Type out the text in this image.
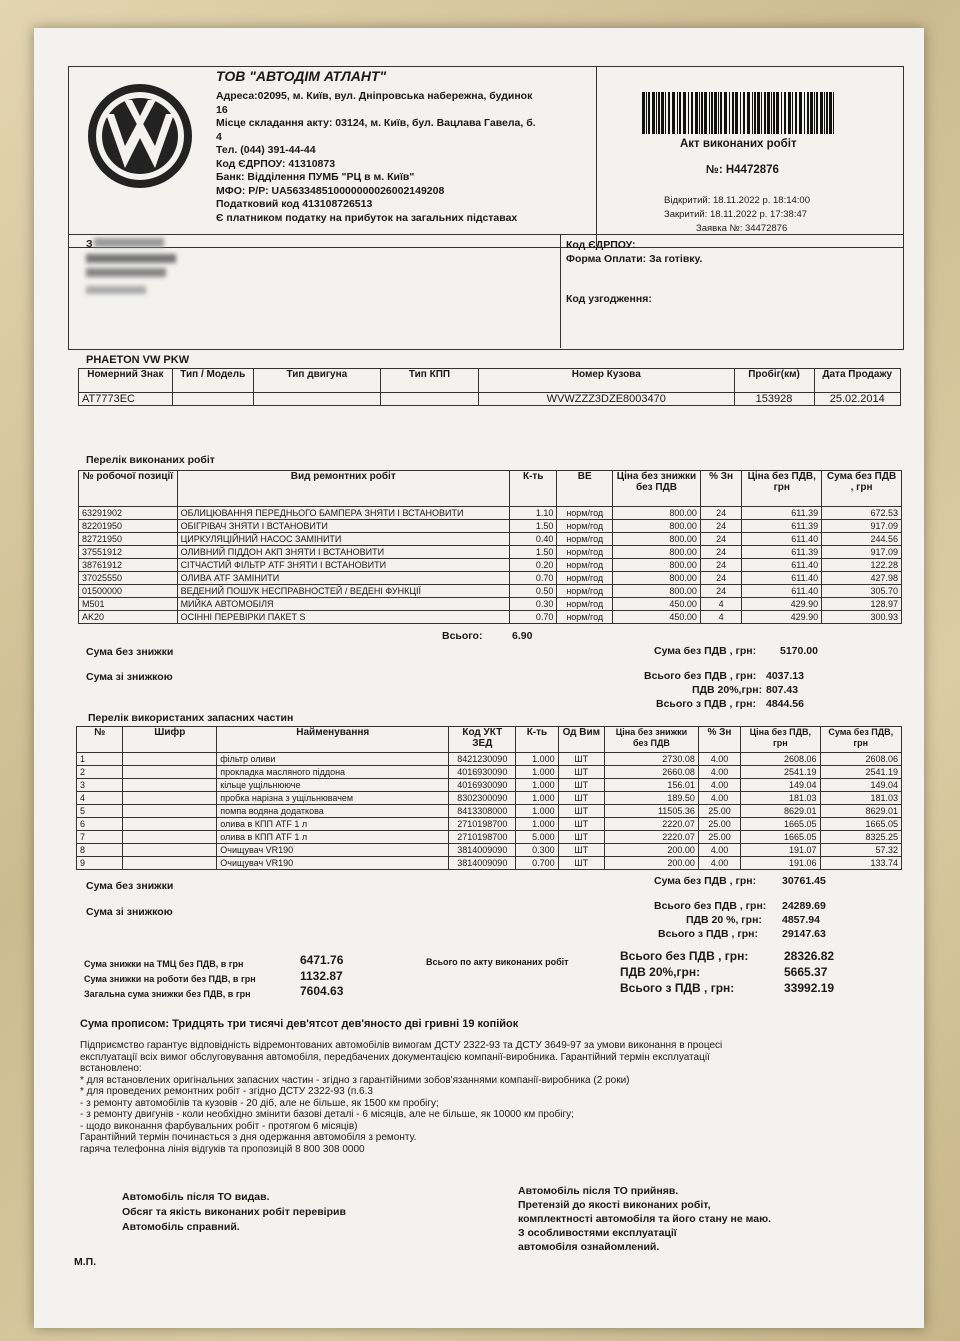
ТОВ "АВТОДІМ АТЛАНТ"
Адреса:02095, м. Київ, вул. Дніпровська набережна, будинок
16
Місце складання акту: 03124, м. Київ, бул. Вацлава Гавела, б.
4
Тел. (044) 391-44-44
Код ЄДРПОУ: 41310873
Банк: Відділення ПУМБ "РЦ в м. Київ"
МФО: Р/Р: UA563348510000000026002149208
Податковий код 413108726513
Є платником податку на прибуток на загальних підставах
Акт виконаних робіт
№: Н4472876
Відкритий: 18.11.2022 р. 18:14:00
Закритий: 18.11.2022 р. 17:38:47
Заявка №: 34472876
З	Код ЄДРПОУ:
Форма Оплати: За готівку.
Код узгодження:
PHAETON VW PKW
Номерний Знак	Тип / Модель	Тип двигуна	Тип КПП	Номер Кузова	Пробіг(км)	Дата Продажу
AT7773EC				WVWZZZ3DZE8003470	153928	25.02.2014
Перелік виконаних робіт
№ робочої позиції	Вид ремонтних робіт	К-ть	ВЕ	Ціна без знижки без ПДВ	% Зн	Ціна без ПДВ, грн	Сума без ПДВ , грн
63291902	ОБЛИЦЮВАННЯ ПЕРЕДНЬОГО БАМПЕРА ЗНЯТИ І ВСТАНОВИТИ	1.10	норм/год	800.00	24	611.39	672.53
82201950	ОБІГРІВАЧ ЗНЯТИ І ВСТАНОВИТИ	1.50	норм/год	800.00	24	611.39	917.09
82721950	ЦИРКУЛЯЦІЙНИЙ НАСОС ЗАМІНИТИ	0.40	норм/год	800.00	24	611.40	244.56
37551912	ОЛИВНИЙ ПІДДОН АКП ЗНЯТИ І ВСТАНОВИТИ	1.50	норм/год	800.00	24	611.39	917.09
38761912	СІТЧАСТИЙ ФІЛЬТР ATF ЗНЯТИ І ВСТАНОВИТИ	0.20	норм/год	800.00	24	611.40	122.28
37025550	ОЛИВА ATF ЗАМІНИТИ	0.70	норм/год	800.00	24	611.40	427.98
01500000	ВЕДЕНИЙ ПОШУК НЕСПРАВНОСТЕЙ / ВЕДЕНІ ФУНКЦІЇ	0.50	норм/год	800.00	24	611.40	305.70
M501	МИЙКА АВТОМОБІЛЯ	0.30	норм/год	450.00	4	429.90	128.97
AK20	ОСІННІ ПЕРЕВІРКИ ПАКЕТ S	0.70	норм/год	450.00	4	429.90	300.93
Всього:	6.90
Сума без знижки
Сума зі знижкою
Сума без ПДВ , грн: 5170.00
Всього без ПДВ , грн: 4037.13
ПДВ 20%,грн: 807.43
Всього з ПДВ , грн: 4844.56
Перелік використаних запасних частин
№	Шифр	Найменування	Код УКТ ЗЕД	К-ть	Од Вим	Ціна без знижки без ПДВ	% Зн	Ціна без ПДВ, грн	Сума без ПДВ, грн
1		фільтр оливи	8421230090	1.000	ШТ	2730.08	4.00	2608.06	2608.06
2		прокладка масляного піддона	4016930090	1.000	ШТ	2660.08	4.00	2541.19	2541.19
3		кільце ущільнююче	4016930090	1.000	ШТ	156.01	4.00	149.04	149.04
4		пробка нарізна з ущільнювачем	8302300090	1.000	ШТ	189.50	4.00	181.03	181.03
5		помпа водяна додаткова	8413308000	1.000	ШТ	11505.36	25.00	8629.01	8629.01
6		олива в КПП ATF 1 л	2710198700	1.000	ШТ	2220.07	25.00	1665.05	1665.05
7		олива в КПП ATF 1 л	2710198700	5.000	ШТ	2220.07	25.00	1665.05	8325.25
8		Очищувач VR190	3814009090	0.300	ШТ	200.00	4.00	191.07	57.32
9		Очищувач VR190	3814009090	0.700	ШТ	200.00	4.00	191.06	133.74
Сума без знижки
Сума зі знижкою
Сума без ПДВ , грн: 30761.45
Всього без ПДВ , грн: 24289.69
ПДВ 20 %, грн: 4857.94
Всього з ПДВ , грн: 29147.63
Сума знижки на ТМЦ без ПДВ, в грн	6471.76
Сума знижки на роботи без ПДВ, в грн	1132.87
Загальна сума знижки без ПДВ, в грн	7604.63
Всього по акту виконаних робіт	Всього без ПДВ , грн:	28326.82
ПДВ 20%,грн:	5665.37
Всього з ПДВ , грн:	33992.19
Сума прописом: Тридцять три тисячі дев'ятсот дев'яносто дві гривні 19 копійок
Підприємство гарантує відповідність відремонтованих автомобілів вимогам ДСТУ 2322-93 та ДСТУ 3649-97 за умови виконання в процесі
експлуатації всіх вимог обслуговування автомобіля, передбачених документацією компанії-виробника. Гарантійний термін експлуатації
встановлено:
* для встановлених оригінальних запасних частин - згідно з гарантійними зобов'язаннями компанії-виробника (2 роки)
* для проведених ремонтних робіт - згідно ДСТУ 2322-93 (п.6.3
- з ремонту автомобілів та кузовів - 20 діб, але не більше, як 1500 км пробігу;
- з ремонту двигунів - коли необхідно змінити базові деталі - 6 місяців, але не більше, як 10000 км пробігу;
- щодо виконання фарбувальних робіт - протягом 6 місяців)
Гарантійний термін починається з дня одержання автомобіля з ремонту.
гаряча телефонна лінія відгуків та пропозицій 8 800 308 0000
Автомобіль після ТО видав.
Обсяг та якість виконаних робіт перевірив
Автомобіль справний.
Автомобіль після ТО прийняв.
Претензій до якості виконаних робіт,
комплектності автомобіля та його стану не маю.
З особливостями експлуатації
автомобіля ознайомлений.
М.П.
